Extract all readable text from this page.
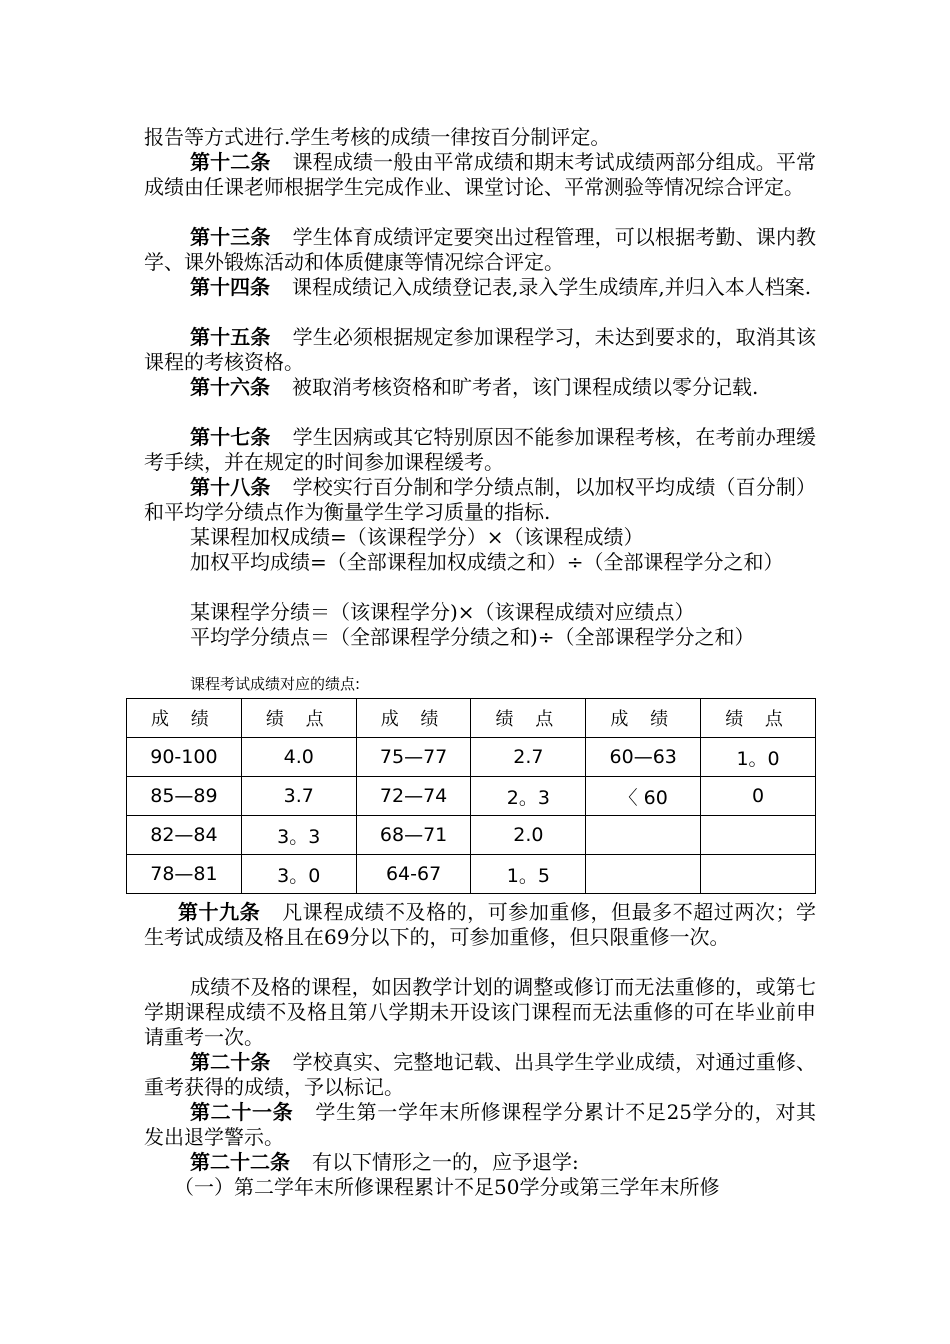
报告等方式进行.学生考核的成绩一律按百分制评定。

第十二条 课程成绩一般由平常成绩和期末考试成绩两部分组成。平常成绩由任课老师根据学生完成作业、课堂讨论、平常测验等情况综合评定。

第十三条 学生体育成绩评定要突出过程管理，可以根据考勤、课内教学、课外锻炼活动和体质健康等情况综合评定。

第十四条 课程成绩记入成绩登记表,录入学生成绩库,并归入本人档案.

第十五条 学生必须根据规定参加课程学习，未达到要求的，取消其该课程的考核资格。

第十六条 被取消考核资格和旷考者，该门课程成绩以零分记载.

第十七条 学生因病或其它特别原因不能参加课程考核，在考前办理缓考手续，并在规定的时间参加课程缓考。

第十八条 学校实行百分制和学分绩点制，以加权平均成绩（百分制）和平均学分绩点作为衡量学生学习质量的指标.

某课程加权成绩=（该课程学分）×（该课程成绩）

加权平均成绩=（全部课程加权成绩之和）÷（全部课程学分之和）

某课程学分绩＝（该课程学分)×（该课程成绩对应绩点）

平均学分绩点＝（全部课程学分绩之和)÷（全部课程学分之和）

课程考试成绩对应的绩点:
成 绩	绩 点	成 绩	绩 点	成 绩	绩 点
90-100	4.0	75—77	2.7	60—63	1。0
85—89	3.7	72—74	2。3	〈 60	0
82—84	3。3	68—71	2.0		
78—81	3。0	64-67	1。5		

第十九条 凡课程成绩不及格的，可参加重修，但最多不超过两次；学生考试成绩及格且在69分以下的，可参加重修，但只限重修一次。

成绩不及格的课程，如因教学计划的调整或修订而无法重修的，或第七学期课程成绩不及格且第八学期未开设该门课程而无法重修的可在毕业前申请重考一次。

第二十条 学校真实、完整地记载、出具学生学业成绩，对通过重修、重考获得的成绩，予以标记。

第二十一条 学生第一学年末所修课程学分累计不足25学分的，对其发出退学警示。

第二十二条 有以下情形之一的，应予退学:

（一）第二学年末所修课程累计不足50学分或第三学年末所修
